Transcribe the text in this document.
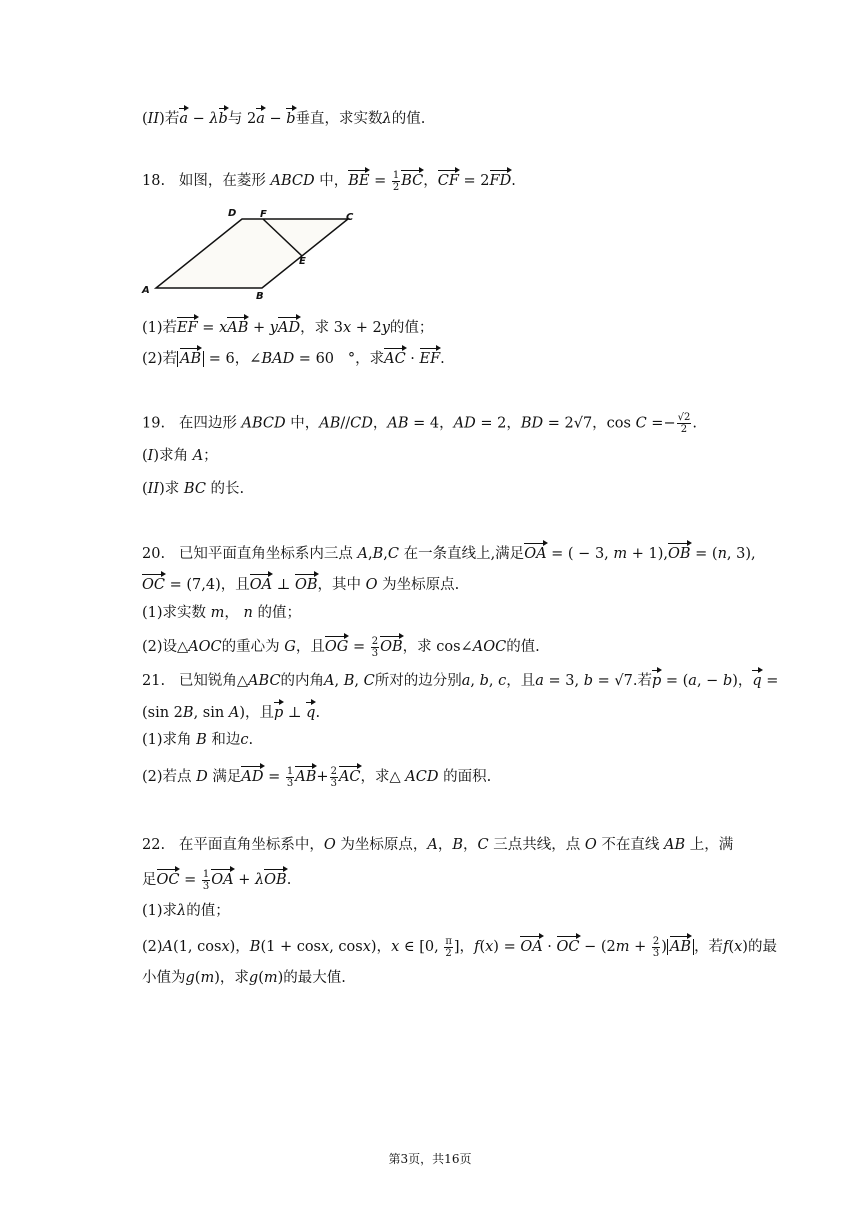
(II)若a − λb与 2a − b垂直，求实数λ的值.
18.   如图，在菱形 ABCD 中，BE = $\frac{1}{2}$ BC，CF = 2FD.
D F	C
E
A
B
(1)若EF = xAB + yAD，求 3x + 2y的值；
(2)若 AB = 6，∠BAD = 60   °，求AC · EF.
19.   在四边形 ABCD 中，AB//CD，AB = 4，AD = 2，BD = 2√7，$\cos C =- \frac{√2}{2}$ .
(I)求角 A；
(II)求 BC 的长.
20.   已知平面直角坐标系内三点 A,B,C 在一条直线上,满足OA = ( − 3, m + 1),OB = (n, 3),
OC = (7,4)，且OA ⊥ OB，其中 O 为坐标原点.
(1)求实数 m， n 的值；
(2)设△AOC的重心为 G，且OG = $\frac{2}{3}$ OB，求 cos∠AOC的值.
21.   已知锐角△ABC的内角A, B, C所对的边分别a, b, c，且a = 3, b = √7.若p = (a, − b)，q =
(sin 2B, sin A)，且p ⊥ q.
(1)求角 B 和边c.
(2)若点 D 满足AD = $\frac{1}{3} AB+ \frac{2}{3}$ AC，求△ ACD 的面积.
22.   在平面直角坐标系中，O 为坐标原点，A，B，C 三点共线，点 O 不在直线 AB 上，满
足OC = $\frac{1}{3}$ OA + λOB.
(1)求λ的值；
(2)A(1, cosx)，B(1 + cosx, cosx)，x ∈ [0, $\frac{\pi}{2}$ ]，f(x) = OA · OC − ($2m + \frac{2}{3}$ ) AB ，若f(x)的最
小值为g(m)，求g(m)的最大值.
第3页，共16页
